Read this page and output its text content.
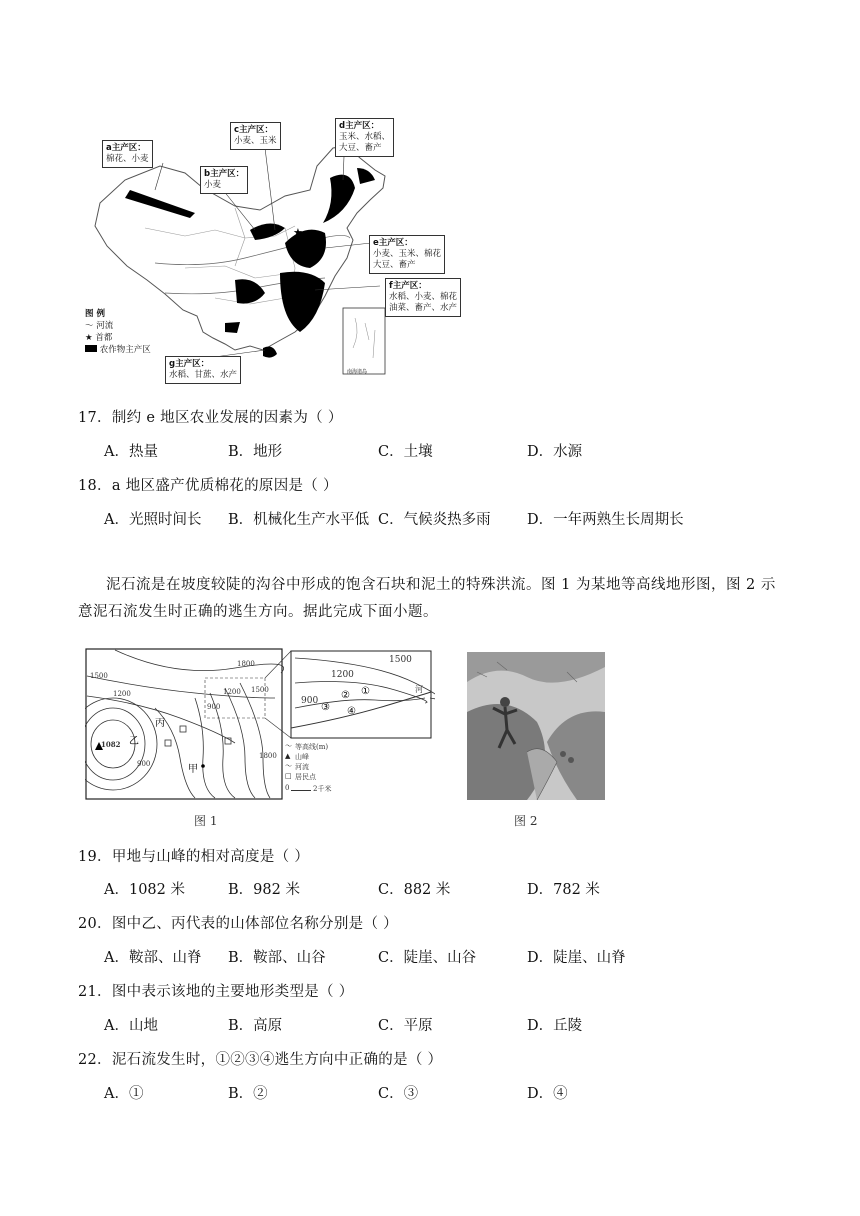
★
a主产区：
棉花、小麦
b主产区：
小麦
c主产区：
小麦、玉米
d主产区：
玉米、水稻、
大豆、畜产
e主产区：
小麦、玉米、棉花
大豆、畜产
f主产区：
水稻、小麦、棉花
油菜、畜产、水产
g主产区：
水稻、甘蔗、水产
图 例
〜 河流
★ 首都
农作物主产区
南海诸岛
17．制约 e 地区农业发展的因素为（ ）
A．热量	B．地形	C．土壤	D．水源
18．a 地区盛产优质棉花的原因是（ ）
A．光照时间长 B．机械化生产水平低 C．气候炎热多雨	D．一年两熟生长周期长
泥石流是在坡度较陡的沟谷中形成的饱含石块和泥土的特殊洪流。图 1 为某地等高线地形图，图 2 示
意泥石流发生时正确的逃生方向。据此完成下面小题。
〜
▲
〜
□
1800
1500
1200
900
1200
900
1500
1800
1082 乙
丙
甲
1500
1200
900
河
①
②
③ ④
等高线(m)
山峰
河流
居民点
0	2千米
图 1	图 2
19．甲地与山峰的相对高度是（ ）
A．1082 米	B．982 米	C．882 米	D．782 米
20．图中乙、丙代表的山体部位名称分别是（ ）
A．鞍部、山脊 B．鞍部、山谷	C．陡崖、山谷	D．陡崖、山脊
21．图中表示该地的主要地形类型是（ ）
A．山地	B．高原	C．平原	D．丘陵
22．泥石流发生时，①②③④逃生方向中正确的是（ ）
A．①	B．②	C．③	D．④
